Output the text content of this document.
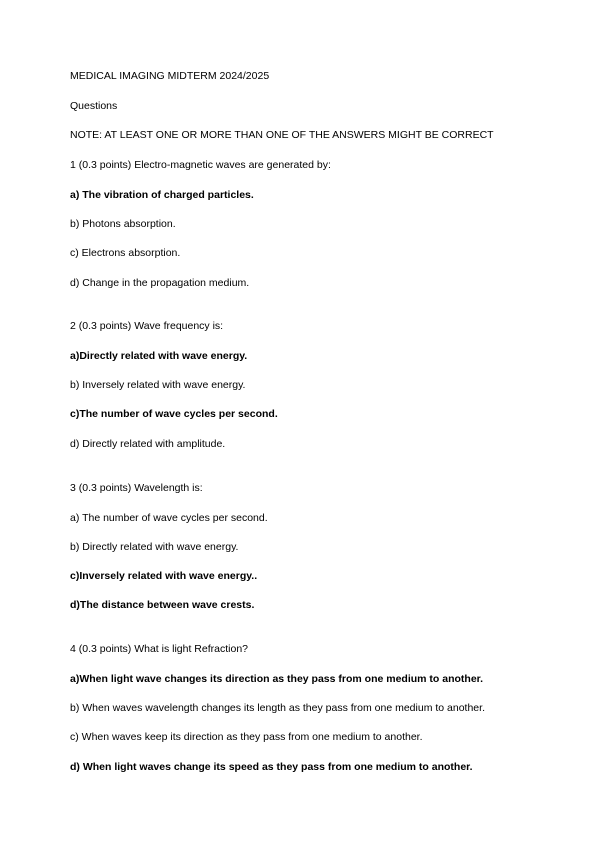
MEDICAL IMAGING MIDTERM 2024/2025
Questions
NOTE: AT LEAST ONE OR MORE THAN ONE OF THE ANSWERS MIGHT BE CORRECT
1 (0.3 points) Electro-magnetic waves are generated by:
a) The vibration of charged particles.
b) Photons absorption.
c) Electrons absorption.
d) Change in the propagation medium.
2 (0.3 points) Wave frequency is:
a)Directly related with wave energy.
b) Inversely related with wave energy.
c)The number of wave cycles per second.
d) Directly related with amplitude.
3 (0.3 points) Wavelength is:
a) The number of wave cycles per second.
b) Directly related with wave energy.
c)Inversely related with wave energy..
d)The distance between wave crests.
4 (0.3 points) What is light Refraction?
a)When light wave changes its direction as they pass from one medium to another.
b) When waves wavelength changes its length as they pass from one medium to another.
c) When waves keep its direction as they pass from one medium to another.
d) When light waves change its speed as they pass from one medium to another.
